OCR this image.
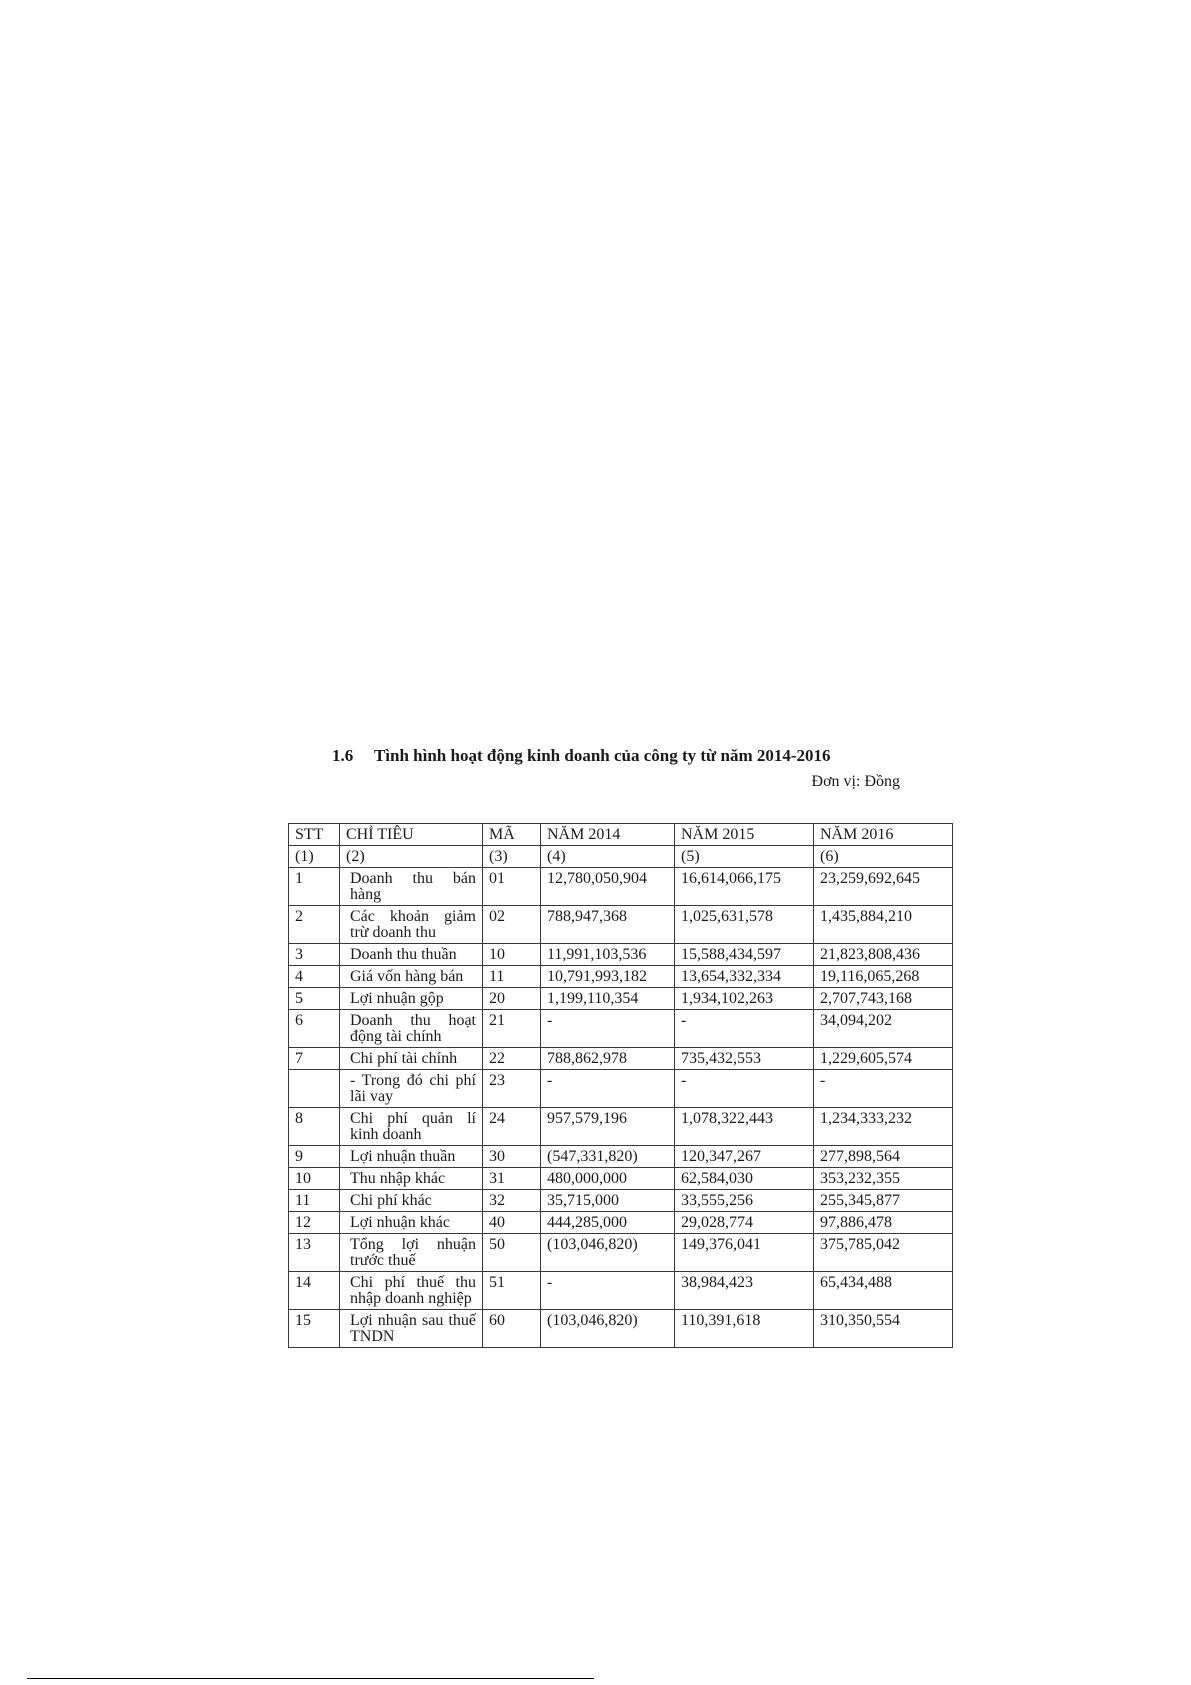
1.6 Tình hình hoạt động kinh doanh của công ty từ năm 2014-2016
Đơn vị: Đồng
STT	CHỈ TIÊU	MÃ	NĂM 2014	NĂM 2015	NĂM 2016
(1)	(2)	(3)	(4)	(5)	(6)
1	Doanh thu bán hàng	01	12,780,050,904	16,614,066,175	23,259,692,645
2	Các khoản giảm trừ doanh thu	02	788,947,368	1,025,631,578	1,435,884,210
3	Doanh thu thuần	10	11,991,103,536	15,588,434,597	21,823,808,436
4	Giá vốn hàng bán	11	10,791,993,182	13,654,332,334	19,116,065,268
5	Lợi nhuận gộp	20	1,199,110,354	1,934,102,263	2,707,743,168
6	Doanh thu hoạt động tài chính	21	-	-	34,094,202
7	Chi phí tài chính	22	788,862,978	735,432,553	1,229,605,574
	- Trong đó chi phí lãi vay	23	-	-	-
8	Chi phí quản lí kinh doanh	24	957,579,196	1,078,322,443	1,234,333,232
9	Lợi nhuận thuần	30	(547,331,820)	120,347,267	277,898,564
10	Thu nhập khác	31	480,000,000	62,584,030	353,232,355
11	Chi phí khác	32	35,715,000	33,555,256	255,345,877
12	Lợi nhuận khác	40	444,285,000	29,028,774	97,886,478
13	Tổng lợi nhuận trước thuế	50	(103,046,820)	149,376,041	375,785,042
14	Chi phí thuế thu nhập doanh nghiệp	51	-	38,984,423	65,434,488
15	Lợi nhuận sau thuế TNDN	60	(103,046,820)	110,391,618	310,350,554
